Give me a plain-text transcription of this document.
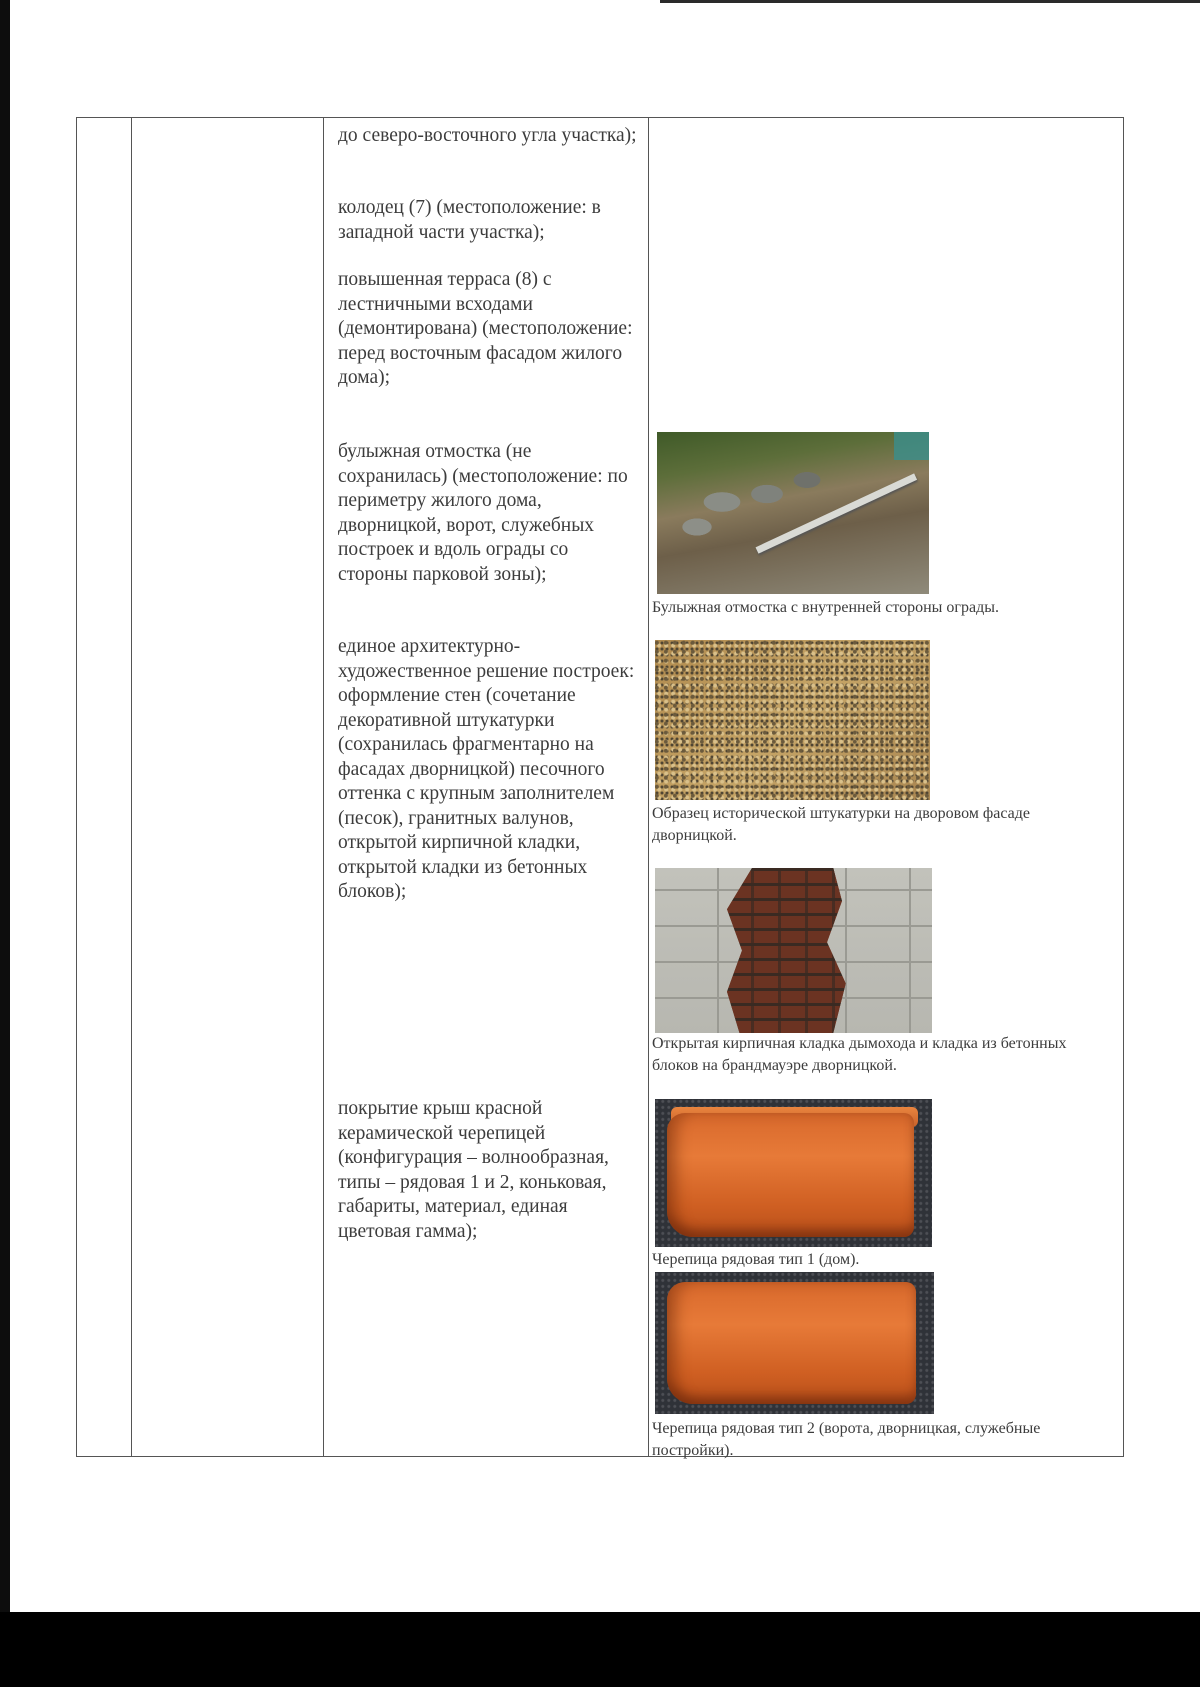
до северо-восточного угла участка);
колодец (7) (местоположение: в западной части участка);
повышенная терраса (8) с лестничными всходами (демонтирована) (местоположение: перед восточным фасадом жилого дома);
булыжная отмостка (не сохранилась) (местоположение: по периметру жилого дома, дворницкой, ворот, служебных построек и вдоль ограды со стороны парковой зоны);

единое архитектурно-художественное решение построек:

оформление стен (сочетание декоративной штукатурки (сохранилась фрагментарно на фасадах дворницкой) песочного оттенка с крупным заполнителем (песок), гранитных валунов, открытой кирпичной кладки, открытой кладки из бетонных блоков);

покрытие крыш красной керамической черепицей (конфигурация – волнообразная, типы – рядовая 1 и 2, коньковая, габариты, материал, единая цветовая гамма);
Булыжная отмостка с внутренней стороны ограды.
Образец исторической штукатурки на дворовом фасаде дворницкой.
Открытая кирпичная кладка дымохода и кладка из бетонных блоков на брандмауэре дворницкой.
Черепица рядовая тип 1 (дом).
Черепица рядовая тип 2 (ворота, дворницкая, служебные постройки).
